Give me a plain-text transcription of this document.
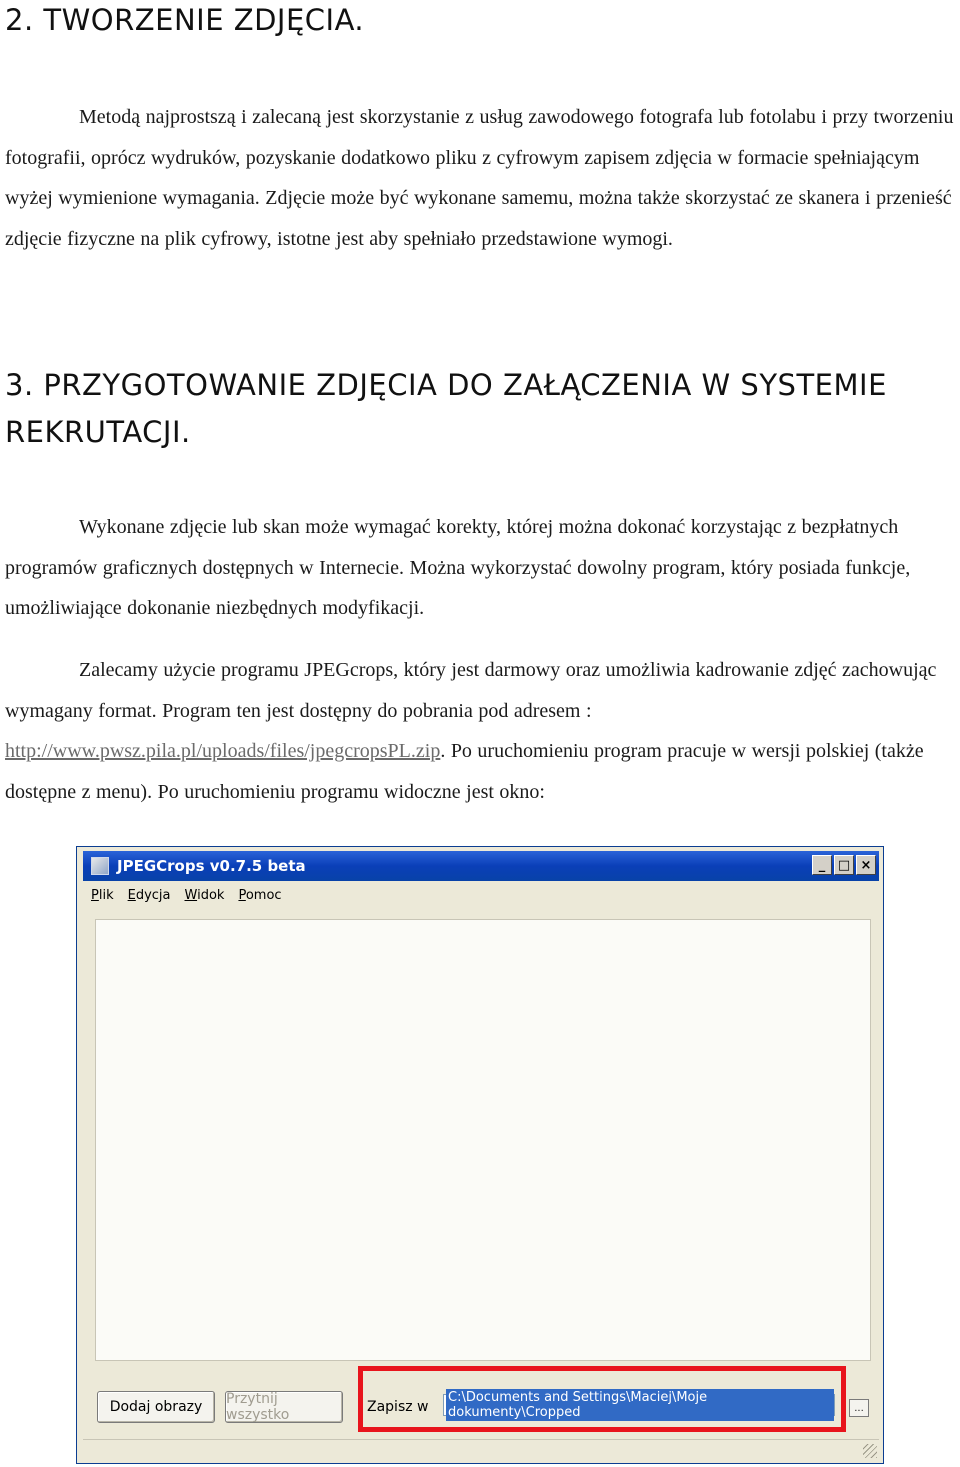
2. TWORZENIE ZDJĘCIA.

Metodą najprostszą i zalecaną jest skorzystanie z usług zawodowego fotografa lub fotolabu i przy tworzeniu fotografii, oprócz wydruków, pozyskanie dodatkowo pliku z cyfrowym zapisem zdjęcia w formacie spełniającym wyżej wymienione wymagania. Zdjęcie może być wykonane samemu, można także skorzystać ze skanera i przenieść zdjęcie fizyczne na plik cyfrowy, istotne jest aby spełniało przedstawione wymogi.

3. PRZYGOTOWANIE ZDJĘCIA DO ZAŁĄCZENIA W SYSTEMIE REKRUTACJI.

Wykonane zdjęcie lub skan może wymagać korekty, której można dokonać korzystając z bezpłatnych programów graficznych dostępnych w Internecie. Można wykorzystać dowolny program, który posiada funkcje, umożliwiające dokonanie niezbędnych modyfikacji.

Zalecamy użycie programu JPEGcrops, który jest darmowy oraz umożliwia kadrowanie zdjęć zachowując wymagany format. Program ten jest dostępny do pobrania pod adresem : http://www.pwsz.pila.pl/uploads/files/jpegcropsPL.zip. Po uruchomieniu program pracuje w wersji polskiej (także dostępne z menu). Po uruchomieniu programu widoczne jest okno:

JPEGCrops v0.7.5 beta	_ □ ×
Plik Edycja Widok Pomoc
Dodaj obrazy	Przytnij wszystko	Zapisz w
C:\Documents and Settings\Maciej\Moje dokumenty\Cropped	...
